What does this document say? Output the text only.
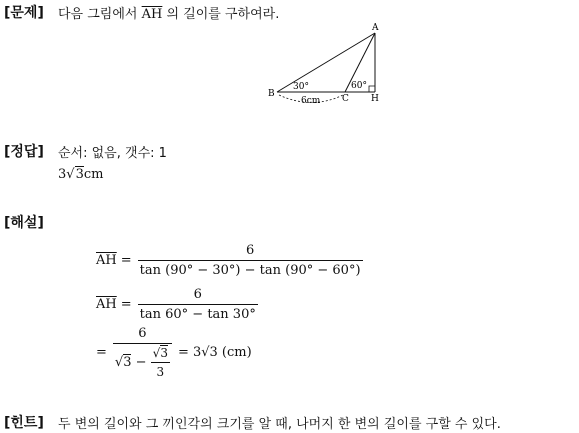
[문제] 다음 그림에서 $\overline{AH}$ 의 길이를 구하여라.
A
B	C H
30°	60°
6cm
[정답] 순서: 없음, 갯수: 1
3√3cm
[해설]
$\overline{AH} = \frac{6}{\tan (90^\circ - 30^\circ) - \tan (90^\circ - 60^\circ)}$
$\overline{AH} = \frac{6}{\tan 60^\circ - \tan 30^\circ}$
= $\frac{6}{√3 - \frac{√3}{3}} = 3√3$ (cm)
[힌트] 두 변의 길이와 그 끼인각의 크기를 알 때, 나머지 한 변의 길이를 구할 수 있다.
